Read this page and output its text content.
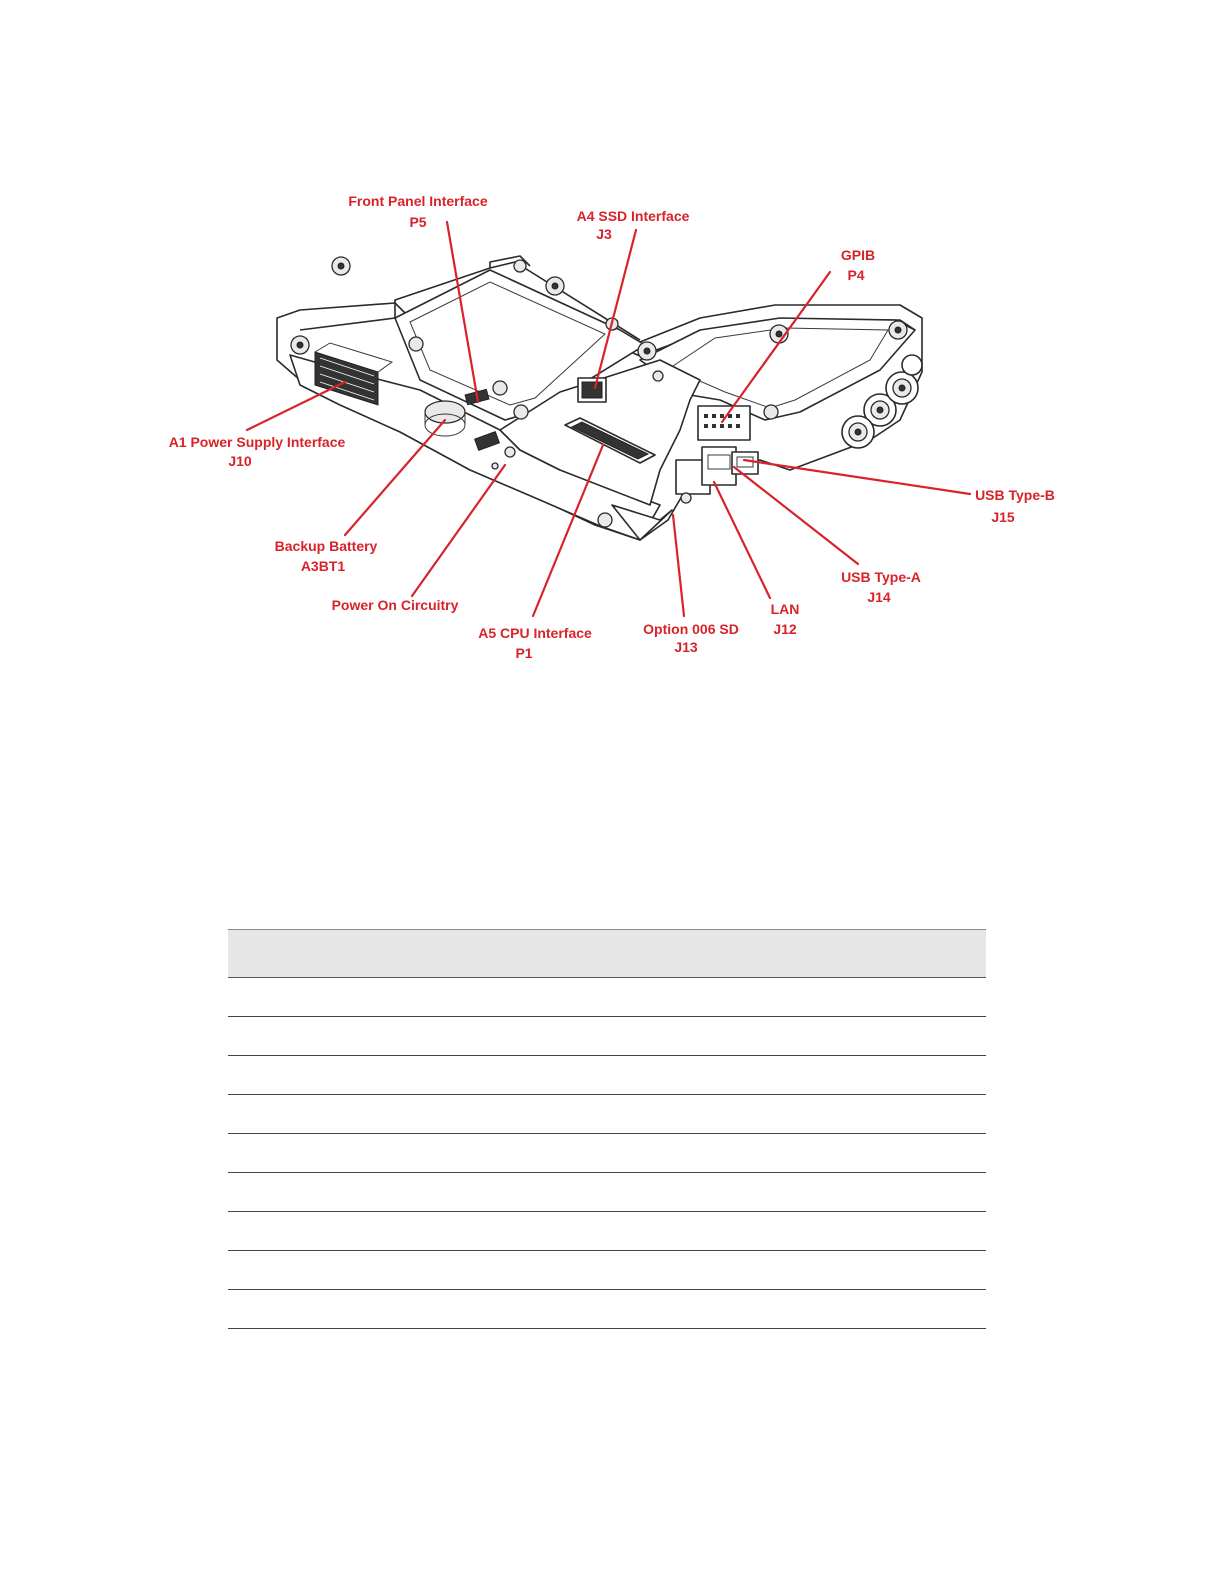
Front Panel Interface
P5	A4 SSD Interface
J3
GPIB
P4
A1 Power Supply Interface
J10
USB Type-B
J15
Backup Battery
A3BT1
Power On Circuitry
A5 CPU Interface
P1
Option 006 SD
J13
LAN
J12
USB Type-A
J14
